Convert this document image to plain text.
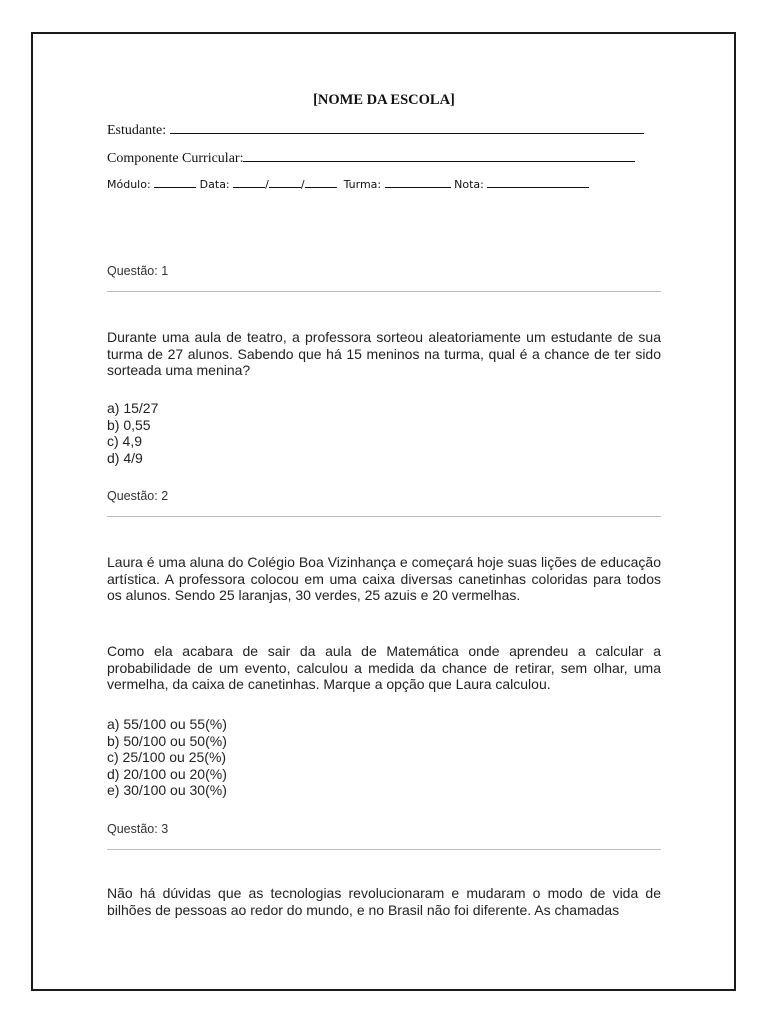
[NOME DA ESCOLA]
Estudante:
Componente Curricular:
Módulo:	Data:	/	/	Turma:	Nota:
Questão: 1

Durante uma aula de teatro, a professora sorteou aleatoriamente um estudante de sua turma de 27 alunos. Sabendo que há 15 meninos na turma, qual é a chance de ter sido sorteada uma menina?

a) 15/27
b) 0,55
c) 4,9
d) 4/9
Questão: 2

Laura é uma aluna do Colégio Boa Vizinhança e começará hoje suas lições de educação artística. A professora colocou em uma caixa diversas canetinhas coloridas para todos os alunos. Sendo 25 laranjas, 30 verdes, 25 azuis e 20 vermelhas.

Como ela acabara de sair da aula de Matemática onde aprendeu a calcular a probabilidade de um evento, calculou a medida da chance de retirar, sem olhar, uma vermelha, da caixa de canetinhas. Marque a opção que Laura calculou.

a) 55/100 ou 55(%)
b) 50/100 ou 50(%)
c) 25/100 ou 25(%)
d) 20/100 ou 20(%)
e) 30/100 ou 30(%)
Questão: 3

Não há dúvidas que as tecnologias revolucionaram e mudaram o modo de vida de bilhões de pessoas ao redor do mundo, e no Brasil não foi diferente. As chamadas
